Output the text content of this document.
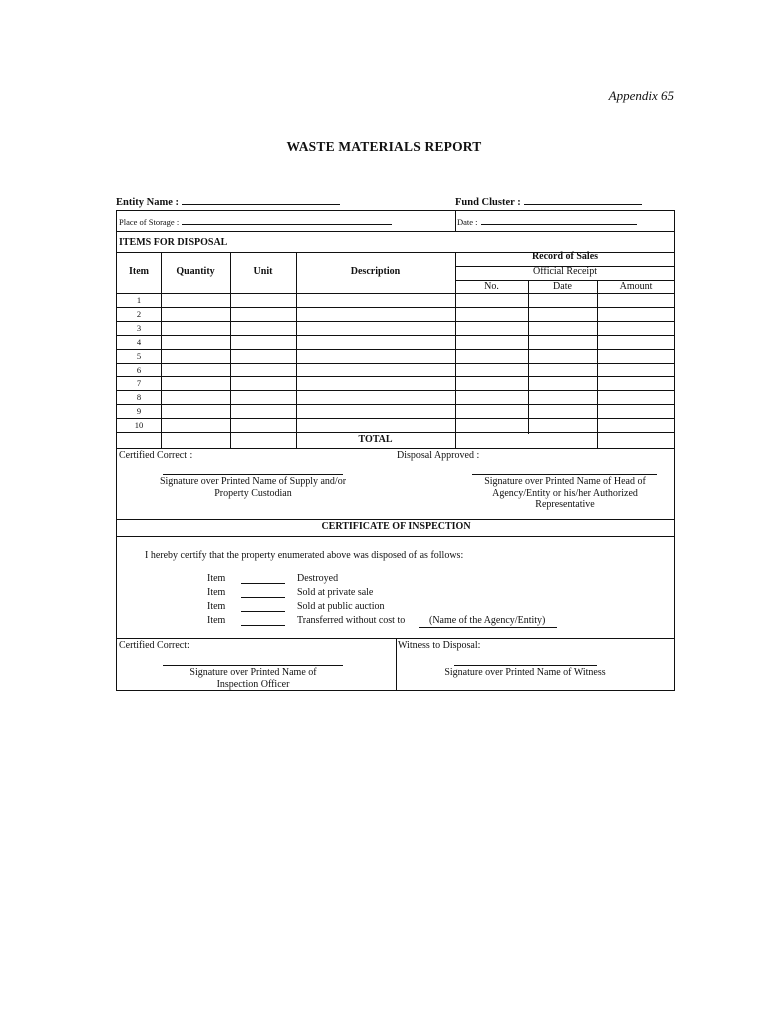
Appendix 65
WASTE MATERIALS REPORT
Entity Name :	Fund Cluster :
Place of Storage :	Date :
ITEMS FOR DISPOSAL
Item	Quantity	Unit	Description
Record of Sales
Official Receipt
No.	Date	Amount
1
2
3
4
5
6
7
8
9
10
TOTAL
Certified Correct :	Disposal Approved :
Signature over Printed Name of Supply and/or Property Custodian
Signature over Printed Name of Head of Agency/Entity or his/her Authorized Representative
CERTIFICATE OF INSPECTION
I hereby certify that the property enumerated above was disposed of as follows:
Item	Destroyed
Item	Sold at private sale
Item	Sold at public auction
Item	Transferred without cost to	(Name of the Agency/Entity)
Certified Correct:	Witness to Disposal:
Signature over Printed Name of Inspection Officer
Signature over Printed Name of Witness
